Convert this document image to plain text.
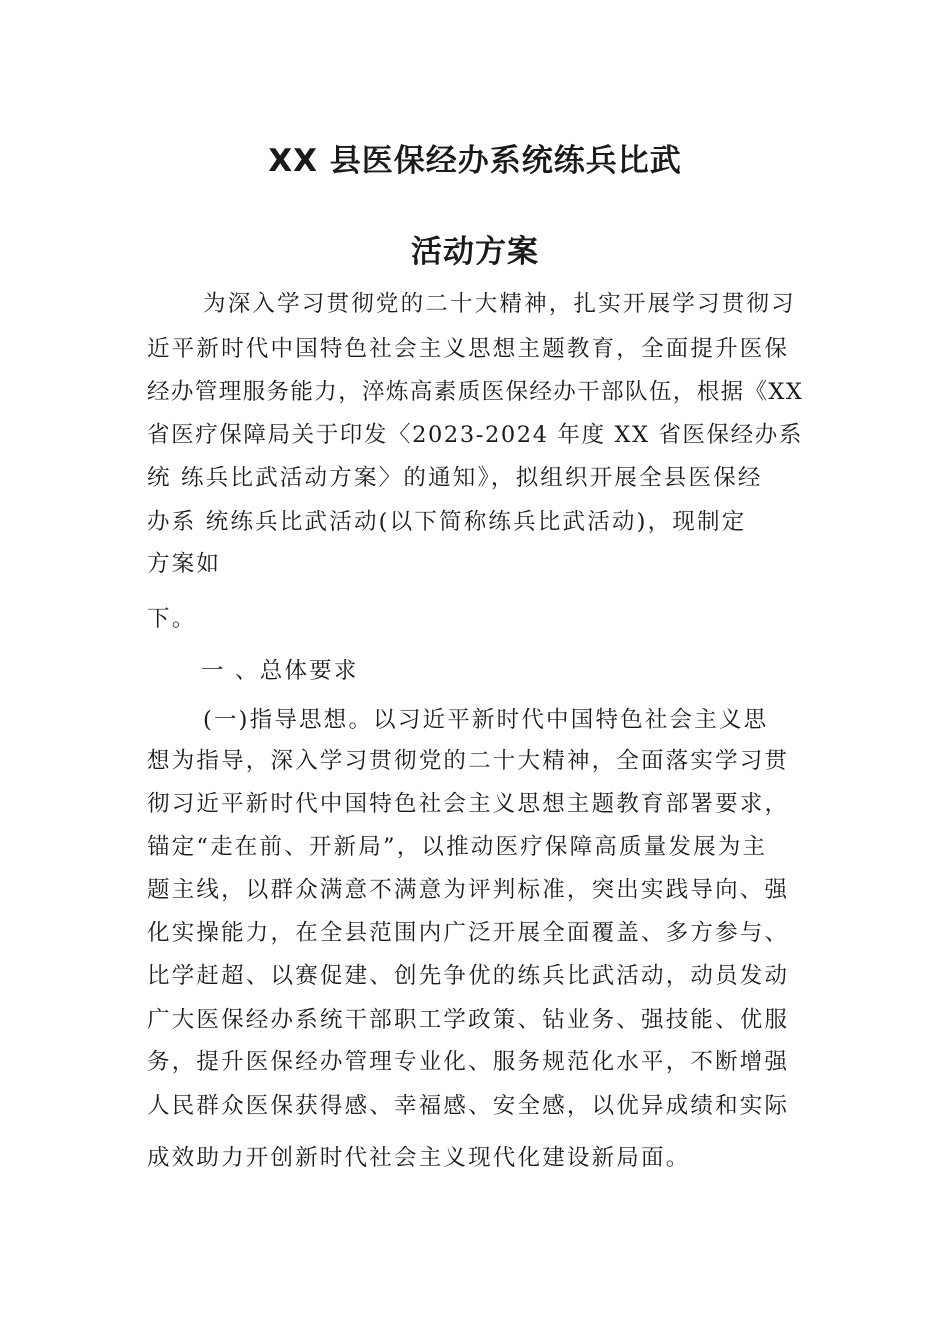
XX 县医保经办系统练兵比武
活动方案
为深入学习贯彻党的二十大精神，扎实开展学习贯彻习
近平新时代中国特色社会主义思想主题教育，全面提升医保
经办管理服务能力，淬炼高素质医保经办干部队伍，根据《XX
省医疗保障局关于印发〈2023-2024 年度 XX 省医保经办系
统 练兵比武活动方案〉的通知》，拟组织开展全县医保经
办系 统练兵比武活动(以下简称练兵比武活动)，现制定
方案如
下。
一 、总体要求
(一)指导思想。以习近平新时代中国特色社会主义思
想为指导，深入学习贯彻党的二十大精神，全面落实学习贯
彻习近平新时代中国特色社会主义思想主题教育部署要求，
锚定“走在前、开新局”，以推动医疗保障高质量发展为主
题主线，以群众满意不满意为评判标准，突出实践导向、强
化实操能力，在全县范围内广泛开展全面覆盖、多方参与、
比学赶超、以赛促建、创先争优的练兵比武活动，动员发动
广大医保经办系统干部职工学政策、钻业务、强技能、优服
务，提升医保经办管理专业化、服务规范化水平，不断增强
人民群众医保获得感、幸福感、安全感，以优异成绩和实际
成效助力开创新时代社会主义现代化建设新局面。
